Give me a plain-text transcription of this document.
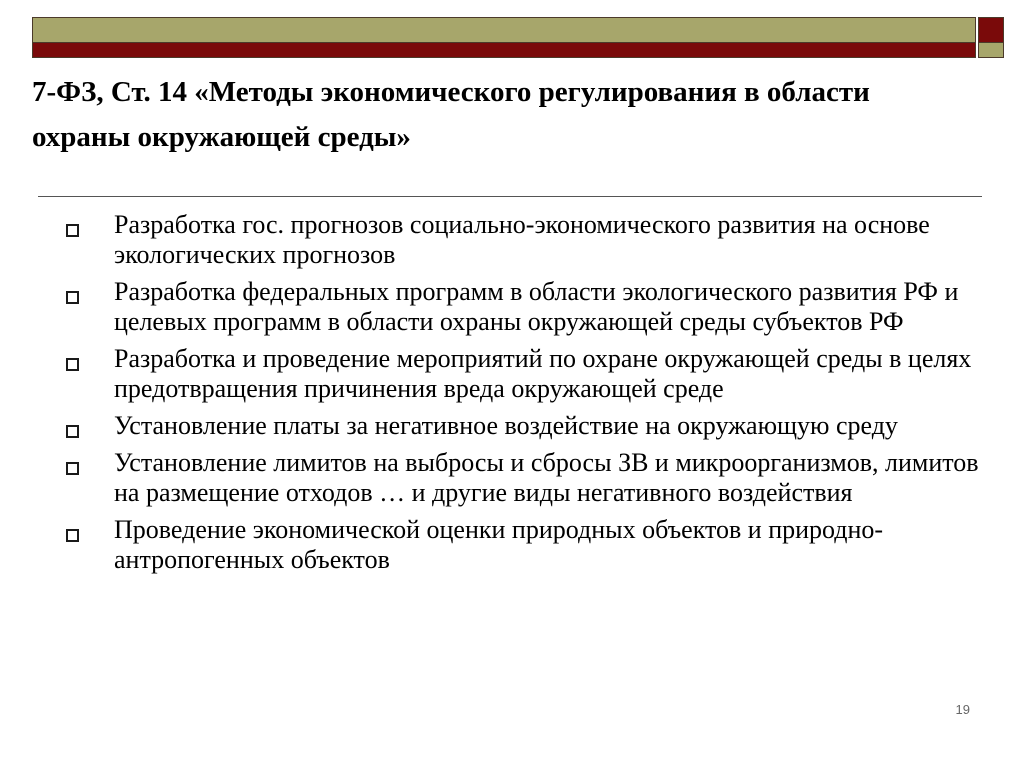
7-ФЗ, Ст. 14 «Методы экономического регулирования в области охраны окружающей среды»
Разработка гос. прогнозов социально-экономического развития на основе экологических прогнозов
Разработка федеральных программ в области экологического развития РФ и целевых программ в области охраны окружающей среды субъектов РФ
Разработка и проведение мероприятий по охране окружающей среды в целях предотвращения причинения вреда окружающей среде
Установление платы за негативное воздействие на окружающую среду
Установление лимитов на выбросы и сбросы ЗВ и микроорганизмов, лимитов на размещение отходов … и другие виды негативного воздействия
Проведение экономической оценки природных объектов и природно-антропогенных объектов
19
